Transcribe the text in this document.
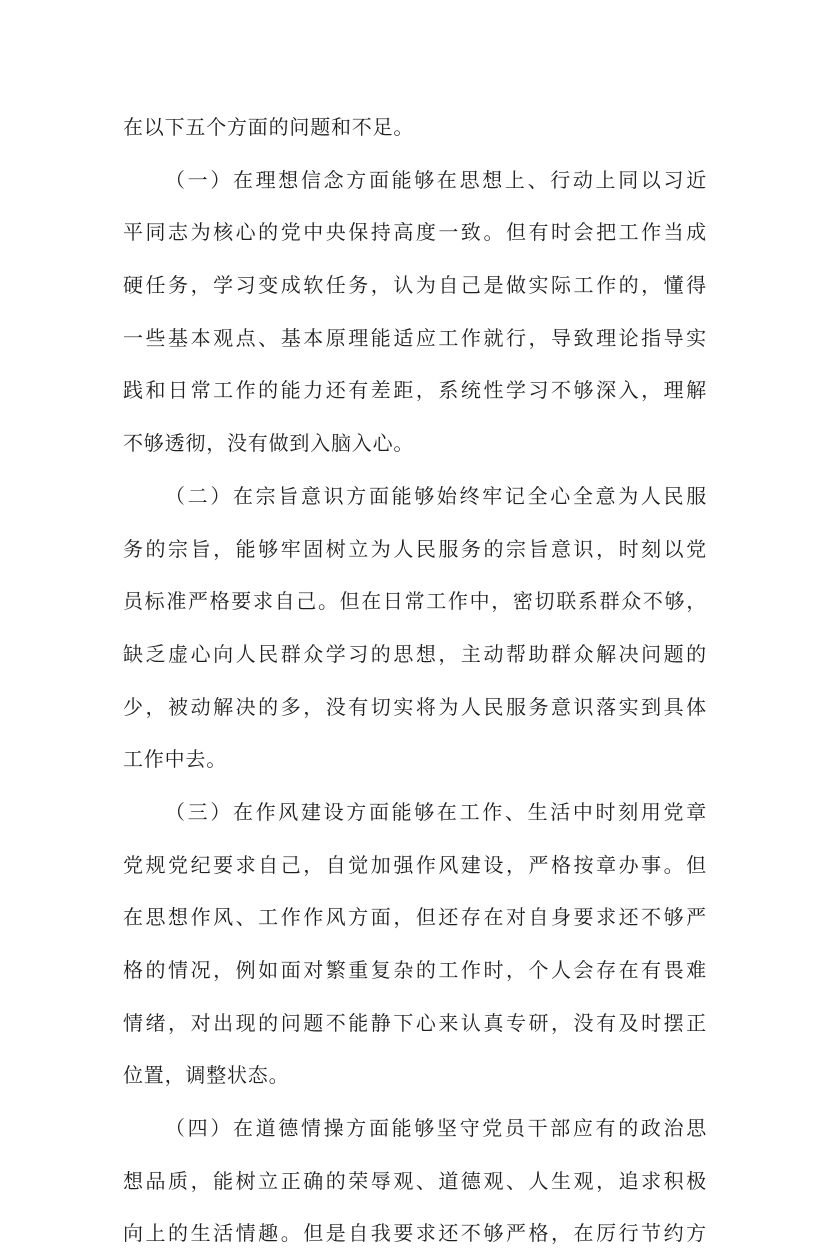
在以下五个方面的问题和不足。
（一）在理想信念方面能够在思想上、行动上同以习近
平同志为核心的党中央保持高度一致。但有时会把工作当成
硬任务，学习变成软任务，认为自己是做实际工作的，懂得
一些基本观点、基本原理能适应工作就行，导致理论指导实
践和日常工作的能力还有差距，系统性学习不够深入，理解
不够透彻，没有做到入脑入心。
（二）在宗旨意识方面能够始终牢记全心全意为人民服
务的宗旨，能够牢固树立为人民服务的宗旨意识，时刻以党
员标准严格要求自己。但在日常工作中，密切联系群众不够，
缺乏虚心向人民群众学习的思想，主动帮助群众解决问题的
少，被动解决的多，没有切实将为人民服务意识落实到具体
工作中去。
（三）在作风建设方面能够在工作、生活中时刻用党章
党规党纪要求自己，自觉加强作风建设，严格按章办事。但
在思想作风、工作作风方面，但还存在对自身要求还不够严
格的情况，例如面对繁重复杂的工作时，个人会存在有畏难
情绪，对出现的问题不能静下心来认真专研，没有及时摆正
位置，调整状态。
（四）在道德情操方面能够坚守党员干部应有的政治思
想品质，能树立正确的荣辱观、道德观、人生观，追求积极
向上的生活情趣。但是自我要求还不够严格，在厉行节约方
